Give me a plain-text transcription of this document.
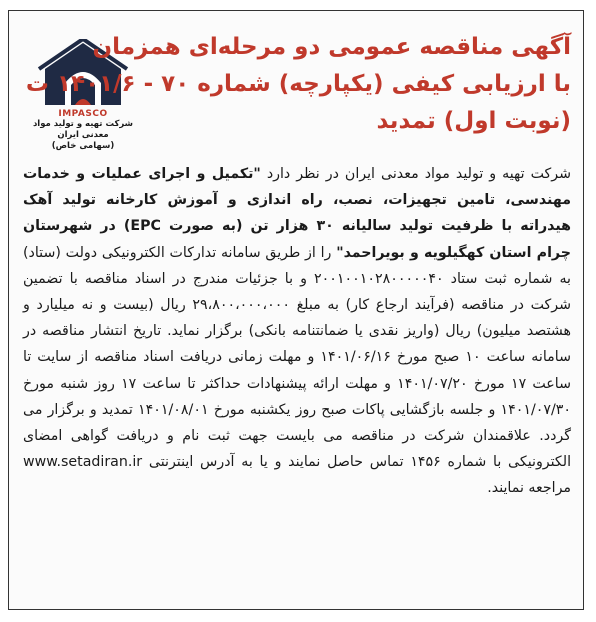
IMPASCO
شرکت تهیه و تولید مواد معدنی ایران
(سهامی خاص)
آگهی مناقصه عمومی دو مرحله‌ای همزمان
با ارزیابی کیفی (یکپارچه) شماره ۷۰ - ۱۴۰۱/۶ ت
(نوبت اول) تمدید

شرکت تهیه و تولید مواد معدنی ایران در نظر دارد "تکمیل و اجرای عملیات و خدمات مهندسی، تامین تجهیزات، نصب، راه اندازی و آموزش کارخانه تولید آهک هیدراته با ظرفیت تولید سالیانه ۳۰ هزار تن (به صورت EPC) در شهرستان چرام استان کهگیلویه و بویراحمد" را از طریق سامانه تدارکات الکترونیکی دولت (ستاد) به شماره ثبت ستاد ۲۰۰۱۰۰۱۰۲۸۰۰۰۰۰۴۰ و با جزئیات مندرج در اسناد مناقصه با تضمین شرکت در مناقصه (فرآیند ارجاع کار) به مبلغ ۲۹،۸۰۰،۰۰۰،۰۰۰ ریال (بیست و نه میلیارد و هشتصد میلیون) ریال (واریز نقدی یا ضمانتنامه بانکی) برگزار نماید. تاریخ انتشار مناقصه در سامانه ساعت ۱۰ صبح مورخ ۱۴۰۱/۰۶/۱۶ و مهلت زمانی دریافت اسناد مناقصه از سایت تا ساعت ۱۷ مورخ ۱۴۰۱/۰۷/۲۰ و مهلت ارائه پیشنهادات حداکثر تا ساعت ۱۷ روز شنبه مورخ ۱۴۰۱/۰۷/۳۰ و جلسه بازگشایی پاکات صبح روز یکشنبه مورخ ۱۴۰۱/۰۸/۰۱ تمدید و برگزار می گردد. علاقمندان شرکت در مناقصه می بایست جهت ثبت نام و دریافت گواهی امضای الکترونیکی با شماره ۱۴۵۶ تماس حاصل نمایند و یا به آدرس اینترنتی www.setadiran.ir مراجعه نمایند.
